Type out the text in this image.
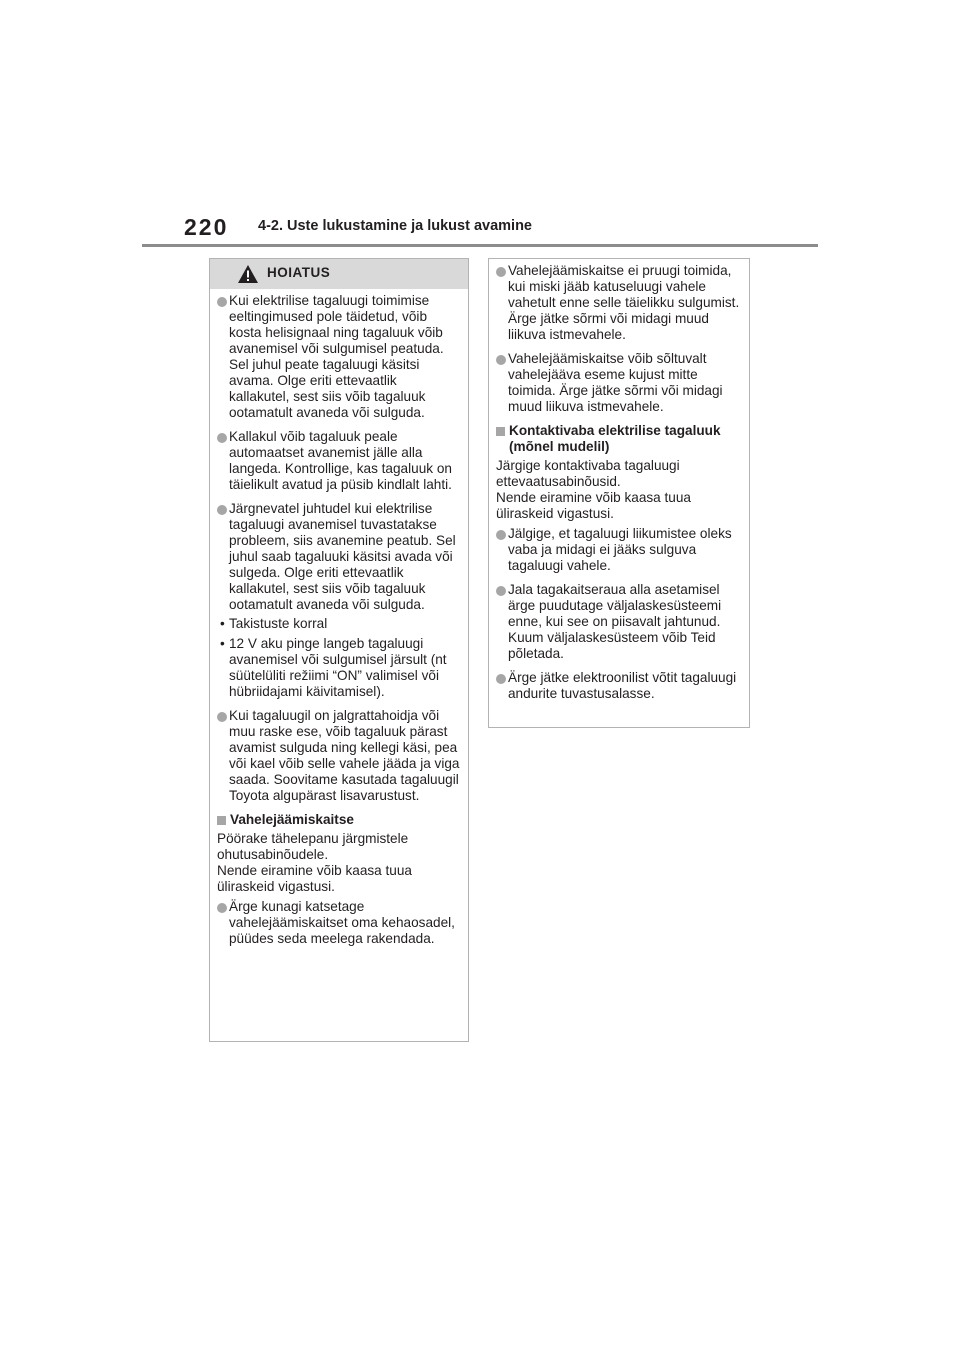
220 4-2. Uste lukustamine ja lukust avamine
HOIATUS
Kui elektrilise tagaluugi toimimise eeltingimused pole täidetud, võib kosta helisignaal ning tagaluuk võib avanemisel või sulgumisel peatuda. Sel juhul peate tagaluugi käsitsi avama. Olge eriti ettevaatlik kallakutel, sest siis võib tagaluuk ootamatult avaneda või sulguda.
Kallakul võib tagaluuk peale automaatset avanemist jälle alla langeda. Kontrollige, kas tagaluuk on täielikult avatud ja püsib kindlalt lahti.
Järgnevatel juhtudel kui elektrilise tagaluugi avanemisel tuvastatakse probleem, siis avanemine peatub. Sel juhul saab tagaluuki käsitsi avada või sulgeda. Olge eriti ettevaatlik kallakutel, sest siis võib tagaluuk ootamatult avaneda või sulguda.
• Takistuste korral
• 12 V aku pinge langeb tagaluugi avanemisel või sulgumisel järsult (nt süütelüliti režiimi “ON” valimisel või hübriidajami käivitamisel).
Kui tagaluugil on jalgrattahoidja või muu raske ese, võib tagaluuk pärast avamist sulguda ning kellegi käsi, pea või kael võib selle vahele jääda ja viga saada. Soovitame kasutada tagaluugil Toyota algupärast lisavarustust.
Vahelejäämiskaitse
Pöörake tähelepanu järgmistele ohutusabinõudele.
Nende eiramine võib kaasa tuua üliraskeid vigastusi.
Ärge kunagi katsetage vahelejäämiskaitset oma kehaosadel, püüdes seda meelega rakendada.
Vahelejäämiskaitse ei pruugi toimida, kui miski jääb katuseluugi vahele vahetult enne selle täielikku sulgumist. Ärge jätke sõrmi või midagi muud liikuva istmevahele.
Vahelejäämiskaitse võib sõltuvalt vahelejääva eseme kujust mitte toimida. Ärge jätke sõrmi või midagi muud liikuva istmevahele.
Kontaktivaba elektrilise tagaluuk (mõnel mudelil)
Järgige kontaktivaba tagaluugi ettevaatusabinõusid.
Nende eiramine võib kaasa tuua üliraskeid vigastusi.
Jälgige, et tagaluugi liikumistee oleks vaba ja midagi ei jääks sulguva tagaluugi vahele.
Jala tagakaitseraua alla asetamisel ärge puudutage väljalaskesüsteemi enne, kui see on piisavalt jahtunud. Kuum väljalaskesüsteem võib Teid põletada.
Ärge jätke elektroonilist võtit tagaluugi andurite tuvastusalasse.
